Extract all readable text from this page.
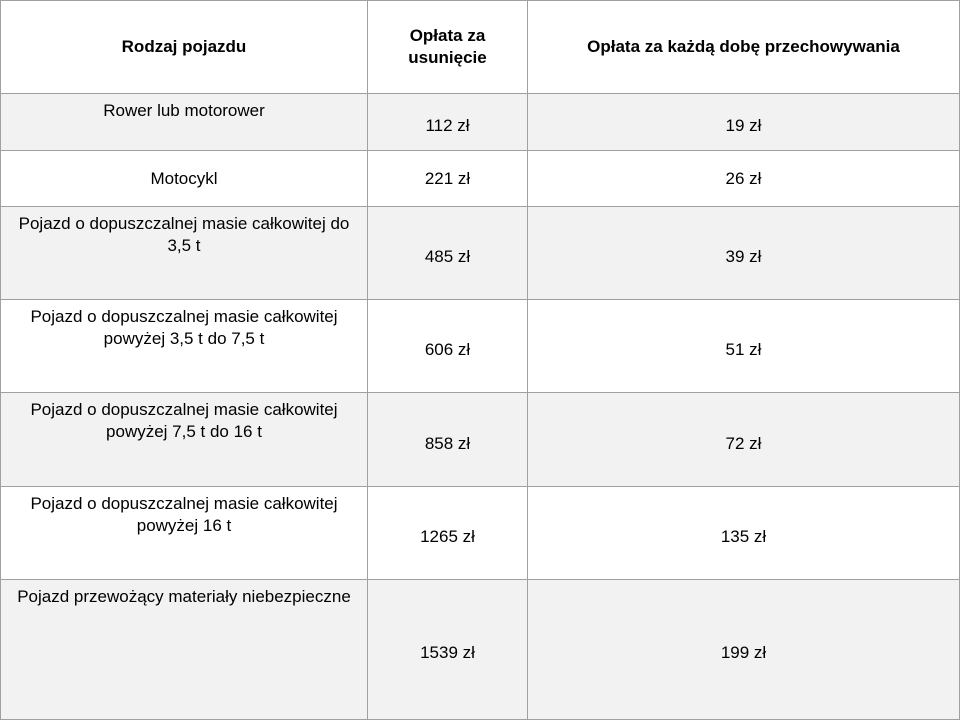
Rodzaj pojazdu	Opłata za usunięcie	Opłata za każdą dobę przechowywania
Rower lub motorower	112 zł	19 zł
Motocykl	221 zł	26 zł
Pojazd o dopuszczalnej masie całkowitej do 3,5 t	485 zł	39 zł
Pojazd o dopuszczalnej masie całkowitej powyżej 3,5 t do 7,5 t	606 zł	51 zł
Pojazd o dopuszczalnej masie całkowitej powyżej 7,5 t do 16 t	858 zł	72 zł
Pojazd o dopuszczalnej masie całkowitej powyżej 16 t	1265 zł	135 zł
Pojazd przewożący materiały niebezpieczne	1539 zł	199 zł
